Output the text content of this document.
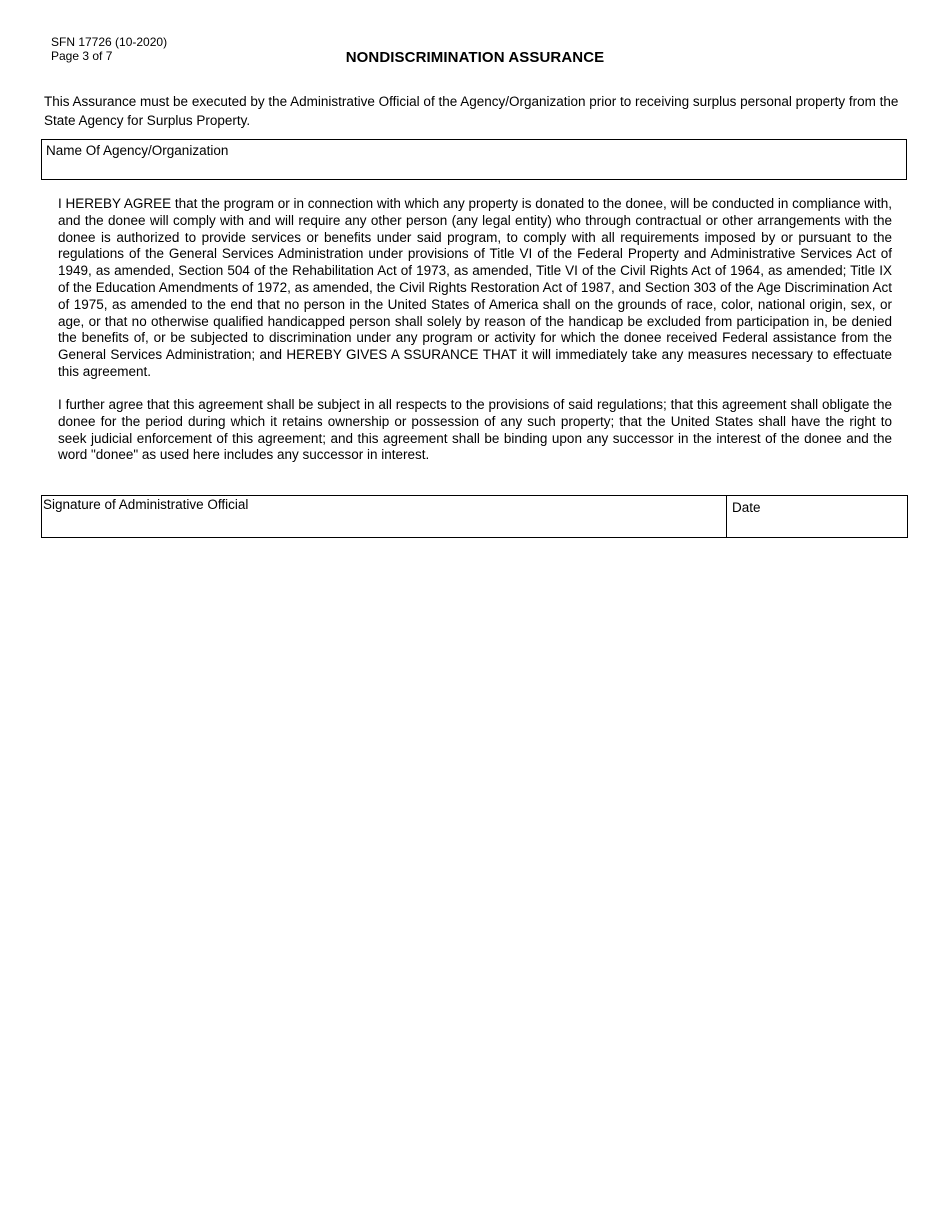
SFN 17726 (10-2020)
Page 3 of 7	NONDISCRIMINATION ASSURANCE
This Assurance must be executed by the Administrative Official of the Agency/Organization prior to receiving surplus personal property from the State Agency for Surplus Property.
Name Of Agency/Organization
I HEREBY AGREE that the program or in connection with which any property is donated to the donee, will be conducted in compliance with, and the donee will comply with and will require any other person (any legal entity) who through contractual or other arrangements with the donee is authorized to provide services or benefits under said program, to comply with all requirements imposed by or pursuant to the regulations of the General Services Administration under provisions of Title VI of the Federal Property and Administrative Services Act of 1949, as amended, Section 504 of the Rehabilitation Act of 1973, as amended, Title VI of the Civil Rights Act of 1964, as amended; Title IX of the Education Amendments of 1972, as amended, the Civil Rights Restoration Act of 1987, and Section 303 of the Age Discrimination Act of 1975, as amended to the end that no person in the United States of America shall on the grounds of race, color, national origin, sex, or age, or that no otherwise qualified handicapped person shall solely by reason of the handicap be excluded from participation in, be denied the benefits of, or be subjected to discrimination under any program or activity for which the donee received Federal assistance from the General Services Administration; and HEREBY GIVES A SSURANCE THAT it will immediately take any measures necessary to effectuate this agreement.
I further agree that this agreement shall be subject in all respects to the provisions of said regulations; that this agreement shall obligate the donee for the period during which it retains ownership or possession of any such property; that the United States shall have the right to seek judicial enforcement of this agreement; and this agreement shall be binding upon any successor in the interest of the donee and the word "donee" as used here includes any successor in interest.
Signature of Administrative Official	Date
